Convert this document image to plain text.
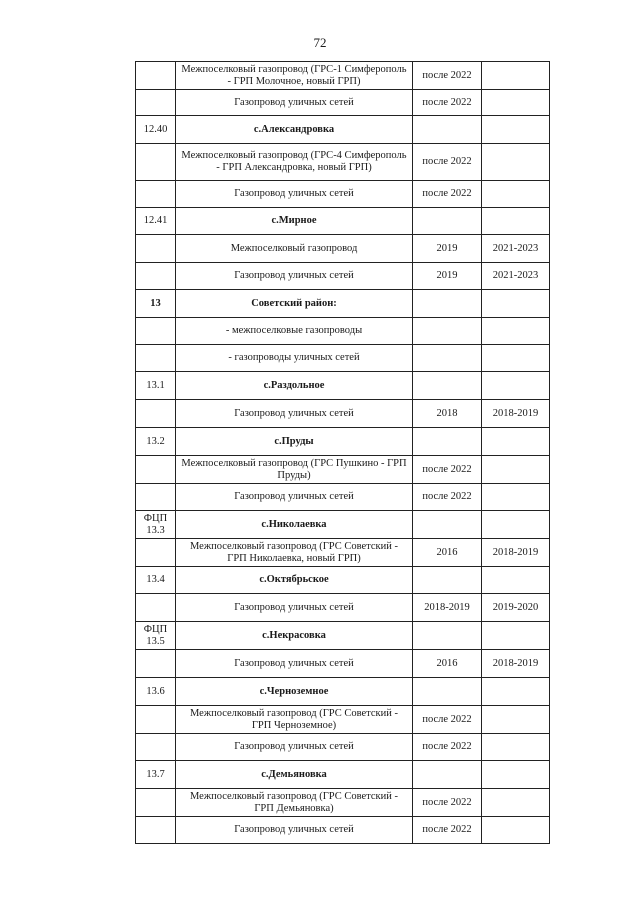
72
	Межпоселковый газопровод (ГРС-1 Симферополь - ГРП Молочное, новый ГРП)	после 2022	
	Газопровод уличных сетей	после 2022	
12.40	с.Александровка		
	Межпоселковый газопровод (ГРС-4 Симферополь - ГРП Александровка, новый ГРП)	после 2022	
	Газопровод уличных сетей	после 2022	
12.41	с.Мирное		
	Межпоселковый газопровод	2019	2021-2023
	Газопровод уличных сетей	2019	2021-2023
13	Советский район:		
	- межпоселковые газопроводы		
	- газопроводы уличных сетей		
13.1	с.Раздольное		
	Газопровод уличных сетей	2018	2018-2019
13.2	с.Пруды		
	Межпоселковый газопровод (ГРС Пушкино - ГРП Пруды)	после 2022	
	Газопровод уличных сетей	после 2022	
ФЦП 13.3	с.Николаевка		
	Межпоселковый газопровод (ГРС Советский - ГРП Николаевка, новый ГРП)	2016	2018-2019
13.4	с.Октябрьское		
	Газопровод уличных сетей	2018-2019	2019-2020
ФЦП 13.5	с.Некрасовка		
	Газопровод уличных сетей	2016	2018-2019
13.6	с.Черноземное		
	Межпоселковый газопровод (ГРС Советский - ГРП Черноземное)	после 2022	
	Газопровод уличных сетей	после 2022	
13.7	с.Демьяновка		
	Межпоселковый газопровод (ГРС Советский - ГРП Демьяновка)	после 2022	
	Газопровод уличных сетей	после 2022	
